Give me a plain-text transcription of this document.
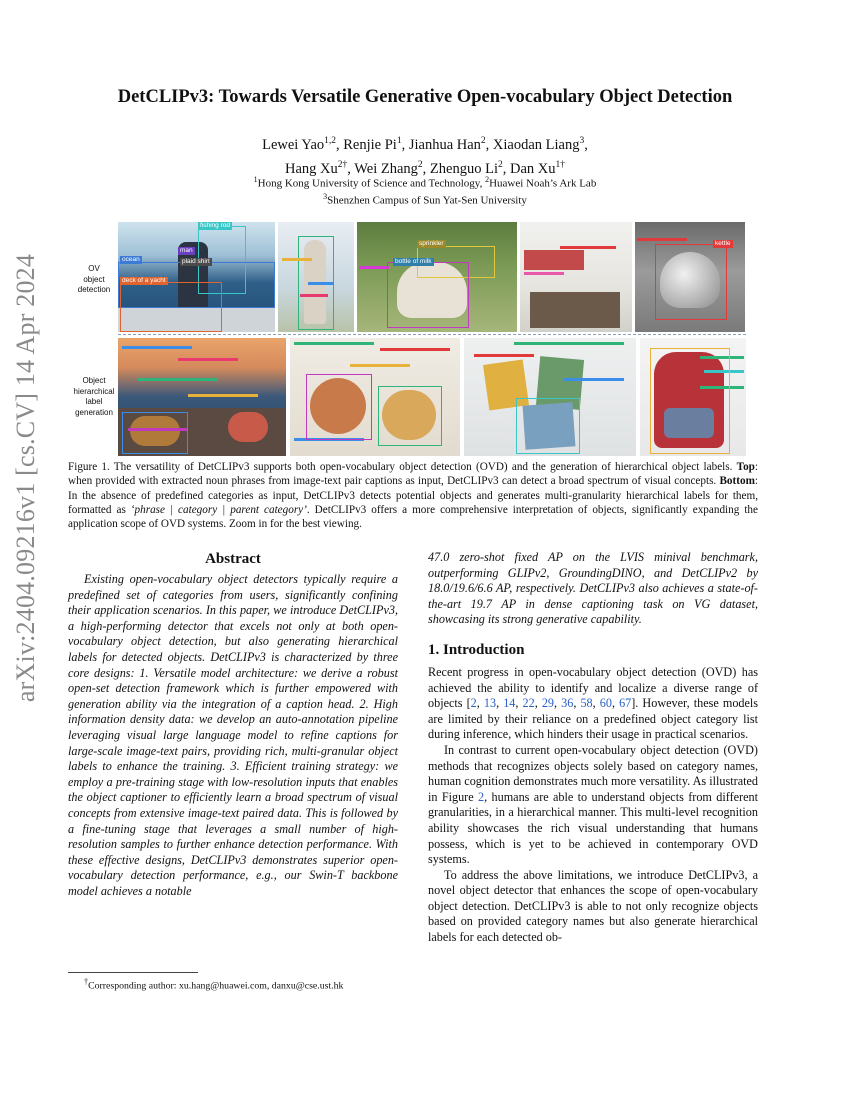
arXiv:2404.09216v1 [cs.CV] 14 Apr 2024
DetCLIPv3: Towards Versatile Generative Open-vocabulary Object Detection
Lewei Yao$^{1,2}$, Renjie Pi$^1$, Jianhua Han$^2$, Xiaodan Liang$^3$,
Hang $Xu^{2\dagger}$, Wei Zhang$^2$, Zhenguo Li$^2$, Dan $Xu^{1\dagger}$
$^1$Hong Kong University of Science and Technology, $^2$Huawei Noah’s Ark Lab
$^3$Shenzhen Campus of Sun Yat-Sen University
OV
object
detection
Object
hierarchical
label
generation
fishing rod
ocean
man
plaid shirt
deck of a yacht
sprinkler
bottle of milk
kettle
Figure 1. The versatility of DetCLIPv3 supports both open-vocabulary object detection (OVD) and the generation of hierarchical object labels. Top: when provided with extracted noun phrases from image-text pair captions as input, DetCLIPv3 can detect a broad spectrum of visual concepts. Bottom: In the absence of predefined categories as input, DetCLIPv3 detects potential objects and generates multi-granularity hierarchical labels for them, formatted as ‘phrase | category | parent category’. DetCLIPv3 offers a more comprehensive interpretation of objects, significantly expanding the application scope of OVD systems. Zoom in for the best viewing.
Abstract

Existing open-vocabulary object detectors typically require a predefined set of categories from users, significantly confining their application scenarios. In this paper, we introduce DetCLIPv3, a high-performing detector that excels not only at both open-vocabulary object detection, but also generating hierarchical labels for detected objects. DetCLIPv3 is characterized by three core designs: 1. Versatile model architecture: we derive a robust open-set detection framework which is further empowered with generation ability via the integration of a caption head. 2. High information density data: we develop an auto-annotation pipeline leveraging visual large language model to refine captions for large-scale image-text pairs, providing rich, multi-granular object labels to enhance the training. 3. Efficient training strategy: we employ a pre-training stage with low-resolution inputs that enables the object captioner to efficiently learn a broad spectrum of visual concepts from extensive image-text paired data. This is followed by a fine-tuning stage that leverages a small number of high-resolution samples to further enhance detection performance. With these effective designs, DetCLIPv3 demonstrates superior open-vocabulary detection performance, e.g., our Swin-T backbone model achieves a notable

47.0 zero-shot fixed AP on the LVIS minival benchmark, outperforming GLIPv2, GroundingDINO, and DetCLIPv2 by 18.0/19.6/6.6 AP, respectively. DetCLIPv3 also achieves a state-of-the-art 19.7 AP in dense captioning task on VG dataset, showcasing its strong generative capability.

1. Introduction

Recent progress in open-vocabulary object detection (OVD) has achieved the ability to identify and localize a diverse range of objects [2, 13, 14, 22, 29, 36, 58, 60, 67]. However, these models are limited by their reliance on a predefined object category list during inference, which hinders their usage in practical scenarios.

In contrast to current open-vocabulary object detection (OVD) methods that recognizes objects solely based on category names, human cognition demonstrates much more versatility. As illustrated in Figure 2, humans are able to understand objects from different granularities, in a hierarchical manner. This multi-level recognition ability showcases the rich visual understanding that humans possess, which is yet to be achieved in contemporary OVD systems.

To address the above limitations, we introduce DetCLIPv3, a novel object detector that enhances the scope of open-vocabulary object detection. DetCLIPv3 is able to not only recognize objects based on provided category names but also generate hierarchical labels for each detected ob-

†Corresponding author: xu.hang@huawei.com, danxu@cse.ust.hk
